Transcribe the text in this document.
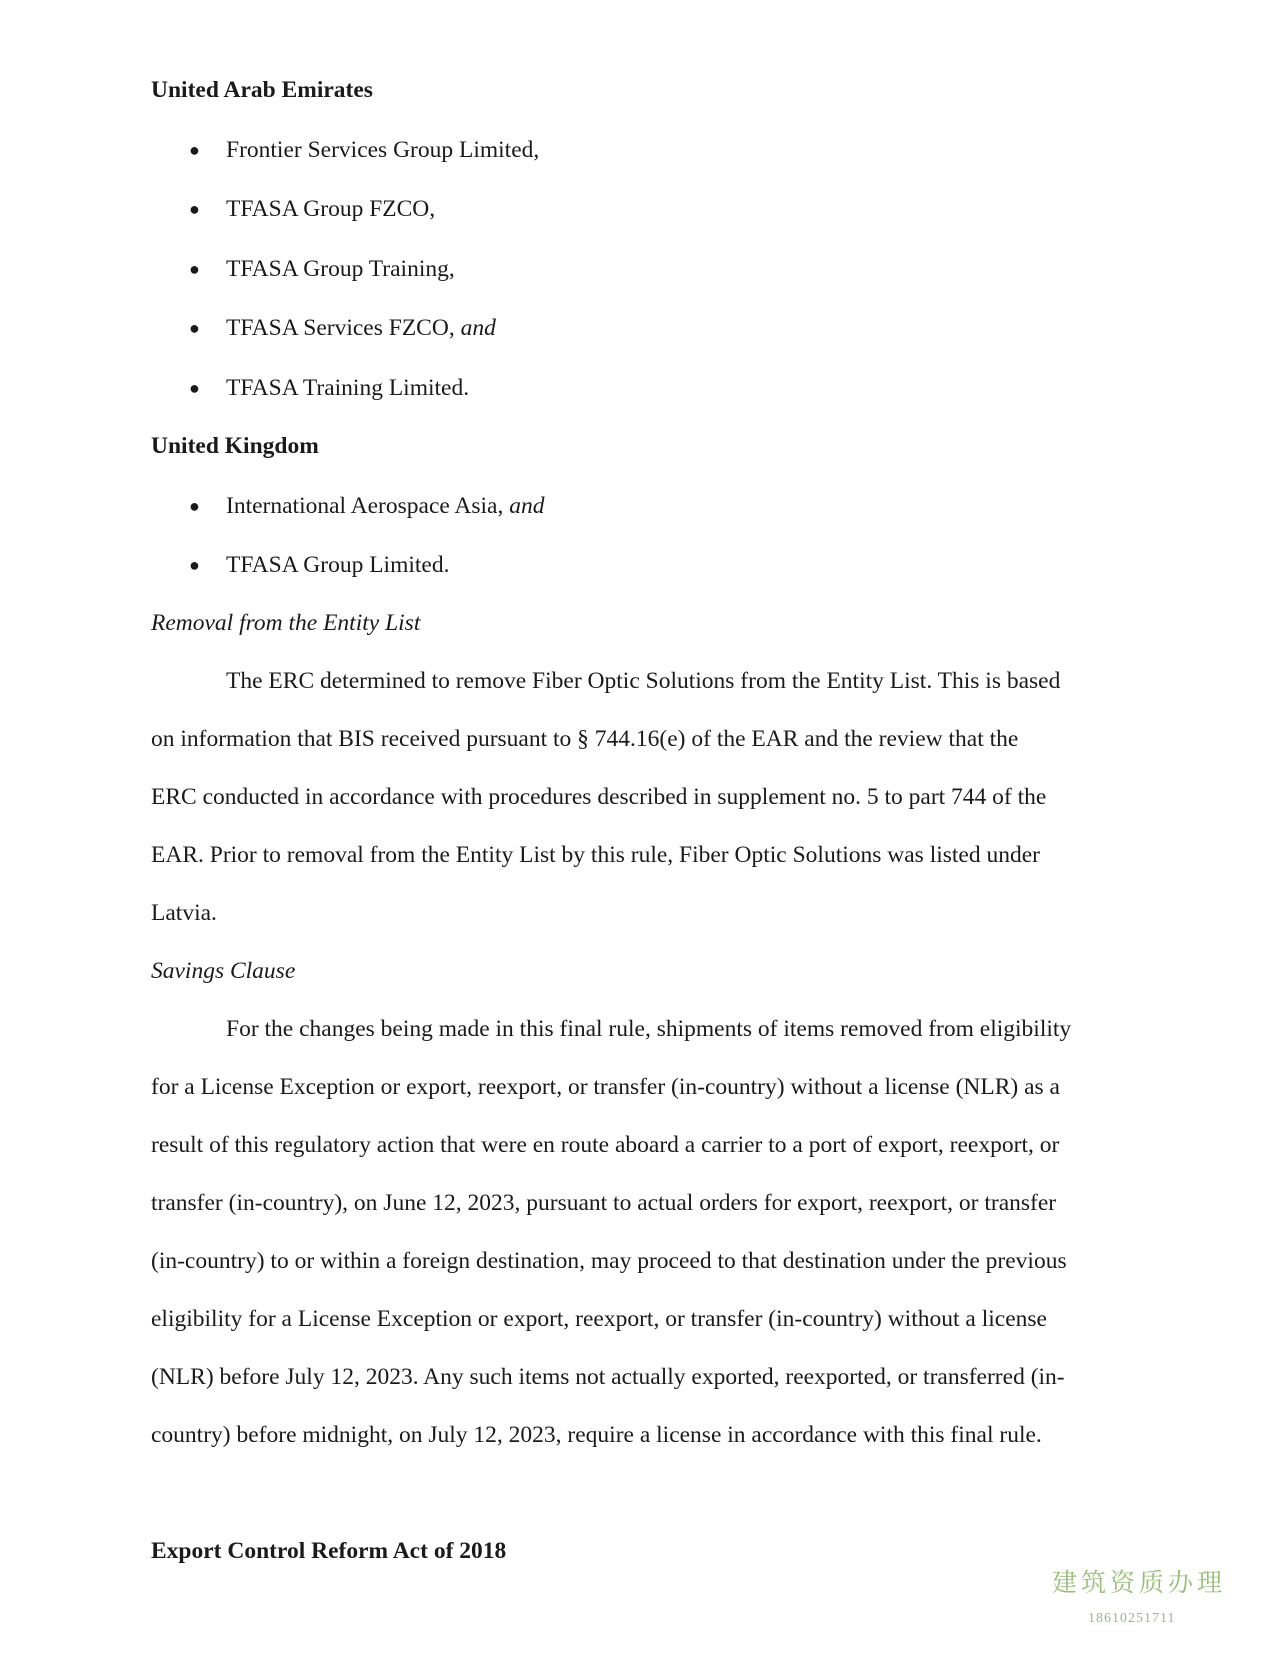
United Arab Emirates
● Frontier Services Group Limited,
● TFASA Group FZCO,
● TFASA Group Training,
● TFASA Services FZCO, and
● TFASA Training Limited.
United Kingdom
● International Aerospace Asia, and
● TFASA Group Limited.
Removal from the Entity List
The ERC determined to remove Fiber Optic Solutions from the Entity List. This is based
on information that BIS received pursuant to § 744.16(e) of the EAR and the review that the
ERC conducted in accordance with procedures described in supplement no. 5 to part 744 of the
EAR. Prior to removal from the Entity List by this rule, Fiber Optic Solutions was listed under
Latvia.
Savings Clause
For the changes being made in this final rule, shipments of items removed from eligibility
for a License Exception or export, reexport, or transfer (in-country) without a license (NLR) as a
result of this regulatory action that were en route aboard a carrier to a port of export, reexport, or
transfer (in-country), on June 12, 2023, pursuant to actual orders for export, reexport, or transfer
(in-country) to or within a foreign destination, may proceed to that destination under the previous
eligibility for a License Exception or export, reexport, or transfer (in-country) without a license
(NLR) before July 12, 2023. Any such items not actually exported, reexported, or transferred (in-
country) before midnight, on July 12, 2023, require a license in accordance with this final rule.
Export Control Reform Act of 2018
建筑资质办理
18610251711
